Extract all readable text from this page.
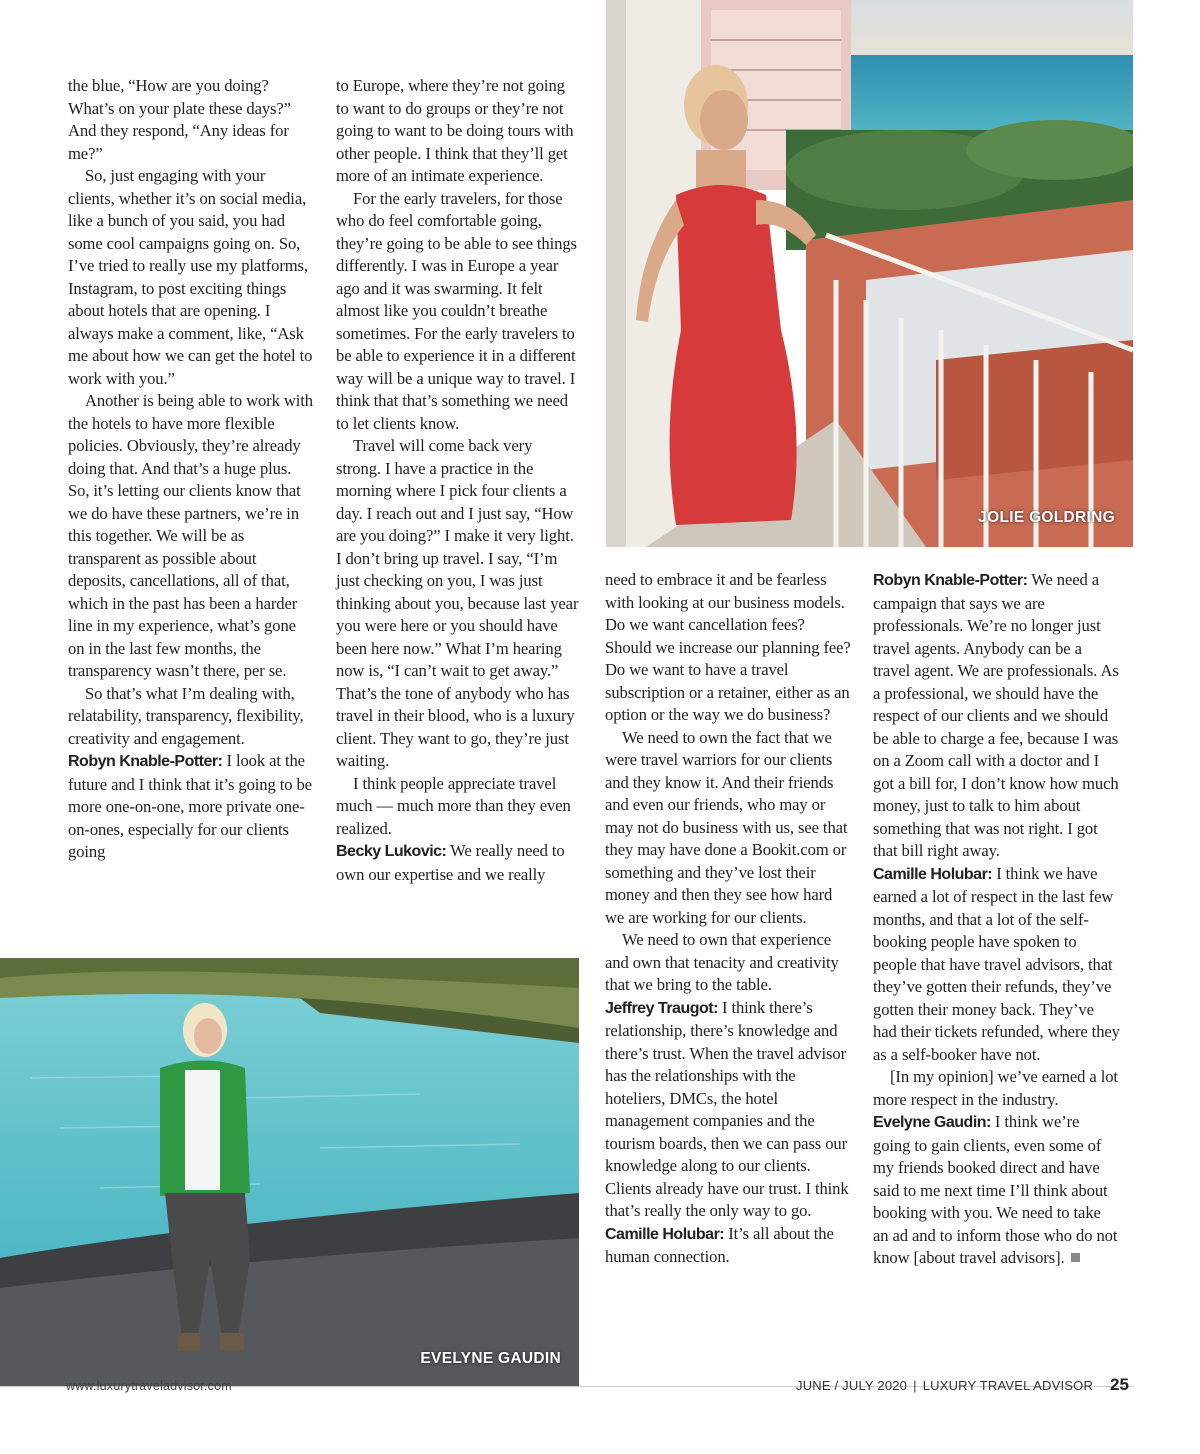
the blue, “How are you doing? What’s on your plate these days?” And they respond, “Any ideas for me?”

So, just engaging with your clients, whether it’s on social media, like a bunch of you said, you had some cool campaigns going on. So, I’ve tried to really use my platforms, Instagram, to post exciting things about hotels that are opening. I always make a comment, like, “Ask me about how we can get the hotel to work with you.”

Another is being able to work with the hotels to have more flexible policies. Obviously, they’re already doing that. And that’s a huge plus. So, it’s letting our clients know that we do have these partners, we’re in this together. We will be as transparent as possible about deposits, cancellations, all of that, which in the past has been a harder line in my experience, what’s gone on in the last few months, the transparency wasn’t there, per se.

So that’s what I’m dealing with, relatability, transparency, flexibility, creativity and engagement.

Robyn Knable-Potter: I look at the future and I think that it’s going to be more one-on-one, more private one-on-ones, especially for our clients going

to Europe, where they’re not going to want to do groups or they’re not going to want to be doing tours with other people. I think that they’ll get more of an intimate experience.

For the early travelers, for those who do feel comfortable going, they’re going to be able to see things differently. I was in Europe a year ago and it was swarming. It felt almost like you couldn’t breathe sometimes. For the early travelers to be able to experience it in a different way will be a unique way to travel. I think that that’s something we need to let clients know.

Travel will come back very strong. I have a practice in the morning where I pick four clients a day. I reach out and I just say, “How are you doing?” I make it very light. I don’t bring up travel. I say, “I’m just checking on you, I was just thinking about you, because last year you were here or you should have been here now.” What I’m hearing now is, “I can’t wait to get away.” That’s the tone of anybody who has travel in their blood, who is a luxury client. They want to go, they’re just waiting.

I think people appreciate travel much — much more than they even realized.

Becky Lukovic: We really need to own our expertise and we really

need to embrace it and be fearless with looking at our business models. Do we want cancellation fees? Should we increase our planning fee? Do we want to have a travel subscription or a retainer, either as an option or the way we do business?

We need to own the fact that we were travel warriors for our clients and they know it. And their friends and even our friends, who may or may not do business with us, see that they may have done a Bookit.com or something and they’ve lost their money and then they see how hard we are working for our clients.

We need to own that experience and own that tenacity and creativity that we bring to the table.

Jeffrey Traugot: I think there’s relationship, there’s knowledge and there’s trust. When the travel advisor has the relationships with the hoteliers, DMCs, the hotel management companies and the tourism boards, then we can pass our knowledge along to our clients. Clients already have our trust. I think that’s really the only way to go.

Camille Holubar: It’s all about the human connection.

Robyn Knable-Potter: We need a campaign that says we are professionals. We’re no longer just travel agents. Anybody can be a travel agent. We are professionals. As a professional, we should have the respect of our clients and we should be able to charge a fee, because I was on a Zoom call with a doctor and I got a bill for, I don’t know how much money, just to talk to him about something that was not right. I got that bill right away.

Camille Holubar: I think we have earned a lot of respect in the last few months, and that a lot of the self-booking people have spoken to people that have travel advisors, that they’ve gotten their refunds, they’ve gotten their money back. They’ve had their tickets refunded, where they as a self-booker have not.

[In my opinion] we’ve earned a lot more respect in the industry.

Evelyne Gaudin: I think we’re going to gain clients, even some of my friends booked direct and have said to me next time I’ll think about booking with you. We need to take an ad and to inform those who do not know [about travel advisors].

JOLIE GOLDRING
EVELYNE GAUDIN
www.luxurytraveladvisor.com	JUNE / JULY 2020 | LUXURY TRAVEL ADVISOR 25
